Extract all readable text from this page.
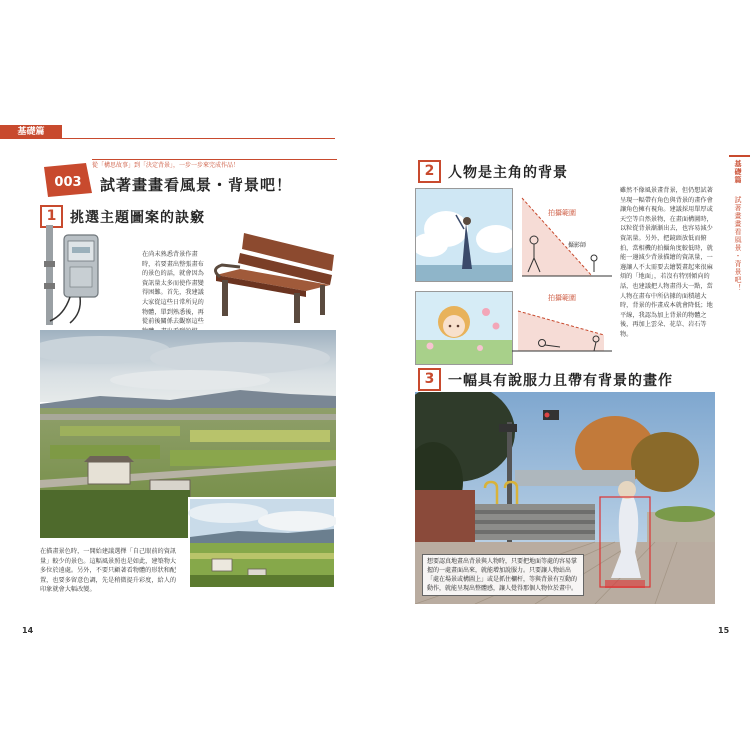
基礎篇
003
從「構思故事」到「決定背景」，一步一步來完成作品！
試著畫畫看風景・背景吧！
1 挑選主題圖案的訣竅
在尚未熟悉背景作畫時，若要畫出整張畫布的景色的話，就會因為資訊量太多而使作畫變得困難。首先，我建議大家從這些日常所見的物體，單到熟悉後，再從前後關係去觀察這些
在描畫景色時，一開始建議選擇「自己眼前的資訊量」較少的景色。這幅風景照也是如此，建築物大多位於遠處。另外，不要只顧著看物體的形狀和配置，也要多留意色調，先是稍微提升彩度，給人的印象就會大幅改變。
14
基礎篇
試著畫畫看風景・背景吧！
2 人物是主角的背景
拍攝範圍
攝影師
拍攝範圍
雖然不像風景畫背景，但仍想試著呈現一幅帶有角色與背景的畫作會讓角色擁有視角。建議採用單厚或天空等自然景物，在畫面構圖時，以粒從背景漸漸出去，也容易減少資訊量。另外，把鏡頭放低而俯拍，當相機的拍攝角度較低時，就能一邊減少背景描繪的資訊量，一邊讓人不太需要去繪製畫起來很麻煩的「地面」，若沒有特別傾向的話，也建議把人物畫得大一點，當人物在畫布中所佔據的面積越大時，背景的作畫成本就會降低；地平線，我認為加上背景的物體之後，再加上雲朵、花草、岩石等物。
3 一幅具有說服力且帶有背景的畫作
想要認真地畫出背景與人物時，只要把地面等處的容易掌握的一處畫面出來，就能增加說服力。只要讓人物站出「處在場景或構圖上」或是抓住欄杆，等與背景有互動的動作，就能呈現出整體感，讓人覺得那個人物位於畫中。
15
